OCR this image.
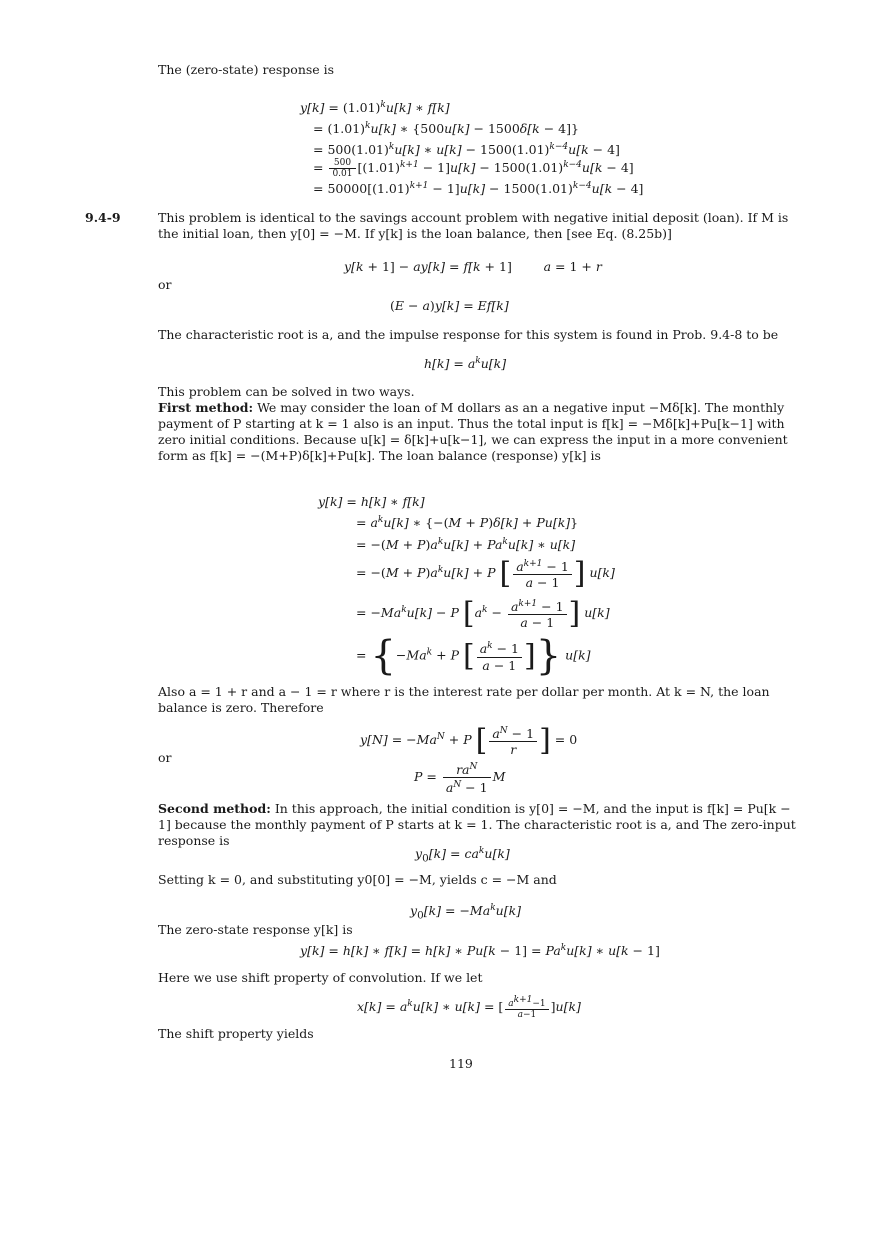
The (zero-state) response is
$y[k] = (1.01)^ku[k]$ ∗ f[k]
= $(1.01)^ku[k]$ ∗ {500u[k] − 1500δ[k − 4]}
= $500(1.01)^ku[k]$ ∗ $u[k] - 1500(1.01)^{k-4}u[k - 4]$
= $\frac{500}{0.01} [(1.01)^{k+1} - 1]u[k] - 1500(1.01)^{k-4}u[k - 4]$
= $50000[(1.01)^{k+1} - 1]u[k] - 1500(1.01)^{k-4}u[k - 4]$
9.4-9	This problem is identical to the savings account problem with negative initial deposit (loan). If M is the initial loan, then y[0] = −M. If y[k] is the loan balance, then [see Eq. (8.25b)]
y[k + 1] − ay[k] = f[k + 1]        a = 1 + r
or
(E − a)y[k] = Ef[k]
The characteristic root is a, and the impulse response for this system is found in Prob. 9.4-8 to be
$h[k] = a^ku[k]$
This problem can be solved in two ways.
First method: We may consider the loan of M dollars as an a negative input −Mδ[k]. The monthly payment of P starting at k = 1 also is an input. Thus the total input is f[k] = −Mδ[k]+Pu[k−1] with zero initial conditions. Because u[k] = δ[k]+u[k−1], we can express the input in a more convenient form as f[k] = −(M+P)δ[k]+Pu[k]. The loan balance (response) y[k] is
y[k] = h[k] ∗ f[k]
= $a^ku[k]$ ∗ {−(M + P)δ[k] + Pu[k]}
= $-(M + P)a^ku[k] + Pa^ku[k]$ ∗ u[k]
= $-(M + P)a^ku[k] + P$ [ $\frac{a^{k+1} - 1}{a - 1}$ ] u[k]
= $-Ma^ku[k] - P$ [$a^k - \frac{a^{k+1} - 1}{a - 1}$ ] u[k]
= {$-Ma^k + P$ [ $\frac{a^k - 1}{a - 1}$ ]} u[k]
Also a = 1 + r and a − 1 = r where r is the interest rate per dollar per month. At k = N, the loan balance is zero. Therefore
$y[N] = -Ma^N + P$ [ $\frac{a^N - 1}{r}$ ] = 0
or
$P = \frac{ra^N}{a^N - 1}$ M
Second method: In this approach, the initial condition is y[0] = −M, and the input is f[k] = Pu[k − 1] because the monthly payment of P starts at k = 1. The characteristic root is a, and The zero-input response is
$y_0[k] = ca^ku[k]$
Setting k = 0, and substituting y0[0] = −M, yields c = −M and
$y_0[k] = -Ma^ku[k]$
The zero-state response y[k] is
y[k] = h[k] ∗ f[k] = h[k] ∗ $Pu[k - 1] = Pa^ku[k]$ ∗ u[k − 1]
Here we use shift property of convolution. If we let
$x[k] = a^ku[k]$ ∗ u[k] = [ $\frac{a^{k+1}-1}{a-1} ]u[k]$
The shift property yields
119
